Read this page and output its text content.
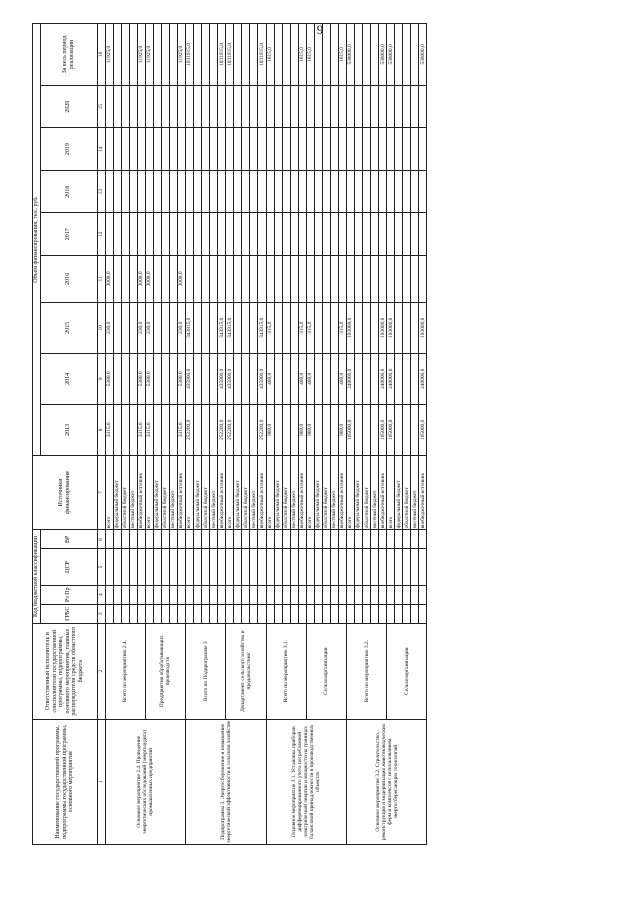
9
Наименование государственной программы, подпрограммы государственной программы, основного мероприятия	Ответственный исполнитель и соисполнители государственной программы, подпрограммы, основного мероприятия, главные распорядители средств областного бюджета	Код бюджетной классификации				Источники финансирования	Объем финансирования, тыс. руб.								
		ГРБС	Рз Пр	ЦСР	ВР		2013	2014	2015	2016	2017	2018	2019	2020	За весь период реализации
1	2	3	4	5	6	7	8	9	10	11	12	13	14	15	16
Основное мероприятие 2.4. Проведение энергетических обследований (энергоаудита) промышленных предприятий	Всего по мероприятию 2.4.					всего	3315,0	5380,0	230,0	3000,0					11925,0
						федеральный бюджет									
						областной бюджет									
						местный бюджет									
						внебюджетный источник	3315,0	5380,0	230,0	3000,0					11925,0
	Предприятия обрабатывающих производств					всего	3315,0	5380,0	230,0	3000,0					11925,0
						федеральный бюджет									
						областной бюджет									
						местный бюджет									
						внебюджетный источник	3315,0	5380,0	230,0	3000,0					11925,0
Подпрограмма 3. Энергосбережение и повышение энергетической эффективности в сельском хозяйстве	Всего по Подпрограмме 3					всего	252200,0	435900,0	343815,0						1031915,0
						федеральный бюджет									
						областной бюджет									
						местный бюджет									
						внебюджетный источник	252200,0	435900,0	343815,0						1031915,0
	Департамент сельского хозяйства и продовольствия					всего	252200,0	435900,0	343815,0						1031915,0
						федеральный бюджет									
						областной бюджет									
						местный бюджет									
						внебюджетный источник	252200,0	435900,0	343815,0						1031915,0
Основное мероприятие 3.1. Установка приборов дифференцированного учета потребляемой электрической энергии и мощности на границах балансовой принадлежности в производственных объектах	Всего по мероприятию 3.1.					всего	900,0	400,0	315,0						1615,0
						федеральный бюджет									
						областной бюджет									
						местный бюджет									
						внебюджетный источник	900,0	400,0	315,0						1615,0
	Сельхозорганизации					всего	900,0	400,0	315,0						1615,0
						федеральный бюджет									
						областной бюджет									
						местный бюджет									
						внебюджетный источник	900,0	400,0	315,0						1615,0
Основное мероприятие 3.2. Строительство, реконструкция и модернизация животноводческих ферм и комплексов с использованием энергосберегающих технологий	Всего по мероприятию 3.2.					всего	105000,0	240000,0	193000,0						538000,0
						федеральный бюджет									
						областной бюджет									
						местный бюджет									
						внебюджетный источник	105000,0	240000,0	193000,0						538000,0
	Сельхозорганизации					всего	105000,0	240000,0	193000,0						538000,0
						федеральный бюджет									
						областной бюджет									
						местный бюджет									
						внебюджетный источник	105000,0	240000,0	193000,0						538000,0
